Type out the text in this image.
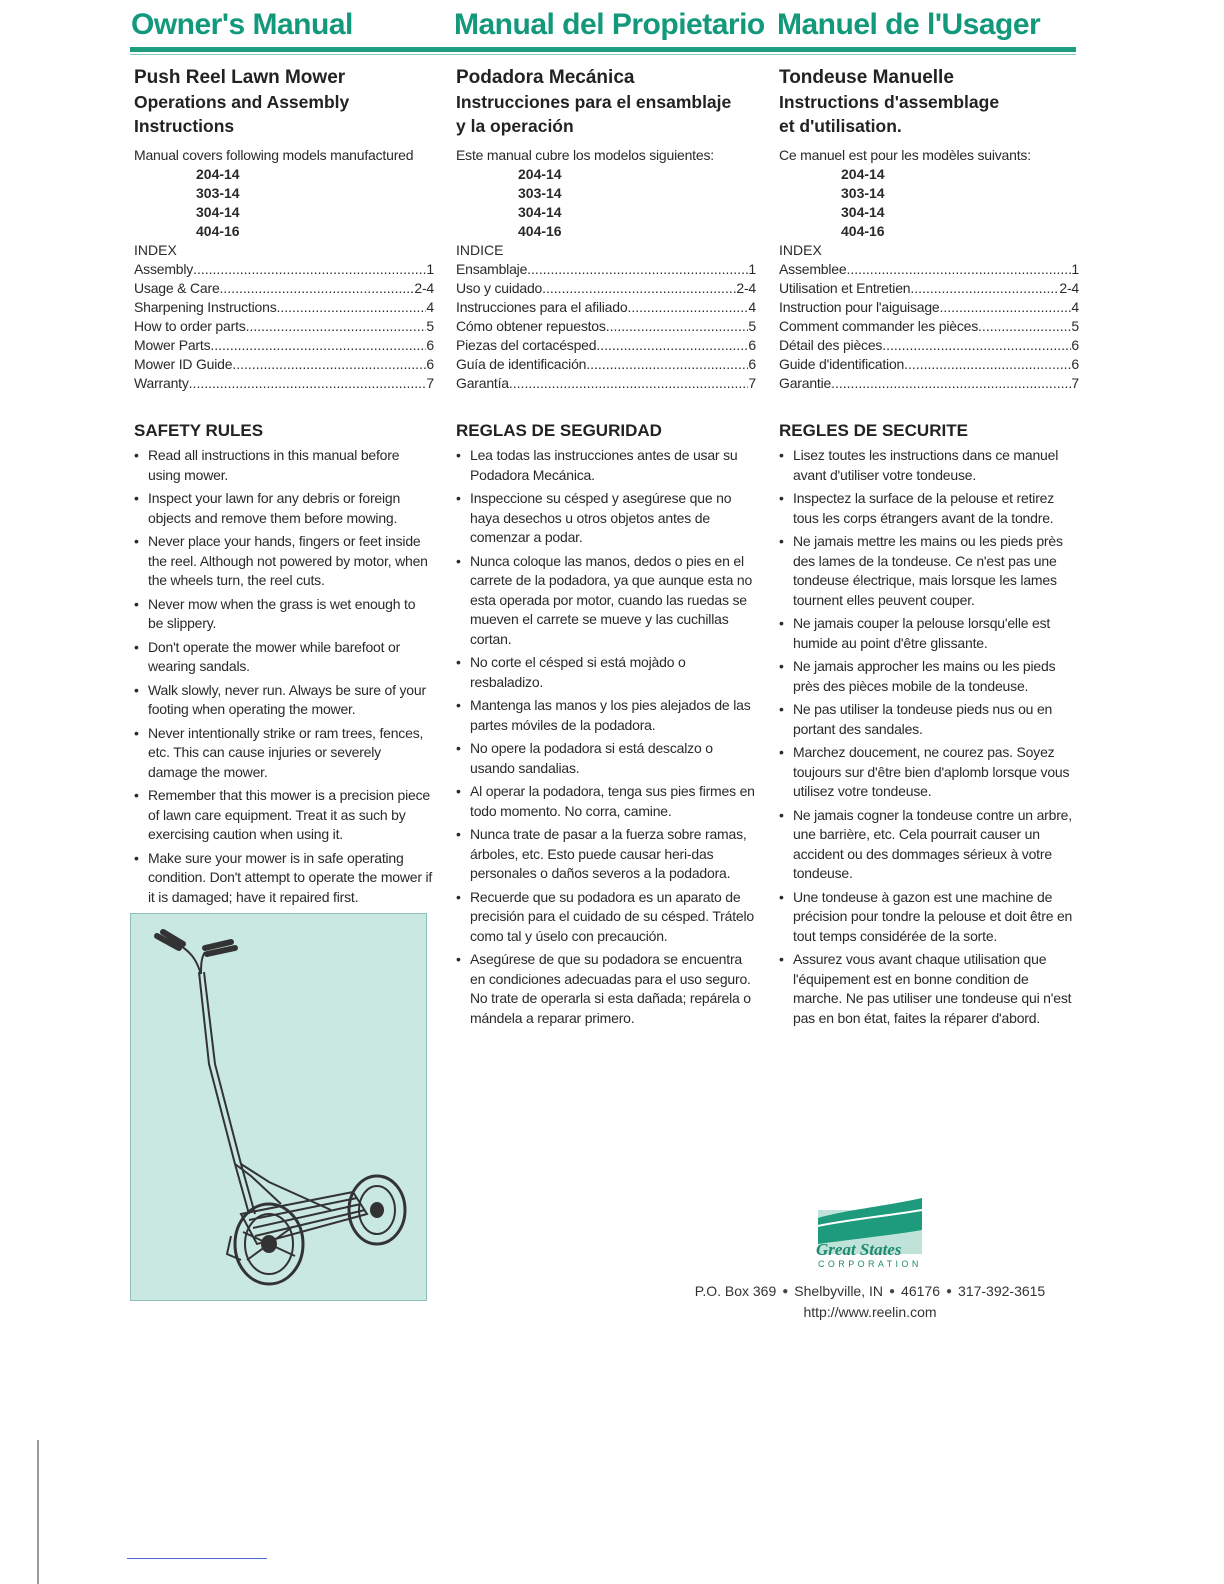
Owner's Manual	Manual del Propietario Manuel de l'Usager
Push Reel Lawn Mower
Operations and Assembly
Instructions
Manual covers following models manufactured
204-14
303-14
304-14
404-16
INDEX
Assembly .....	1
Usage & Care .....	2-4
Sharpening Instructions .....	4
How to order parts .....	5
Mower Parts .....	6
Mower ID Guide .....	6
Warranty .....	7
SAFETY RULES
• Read all instructions in this manual before using mower.
• Inspect your lawn for any debris or foreign objects and remove them before mowing.
• Never place your hands, fingers or feet inside the reel. Although not powered by motor, when the wheels turn, the reel cuts.
• Never mow when the grass is wet enough to be slippery.
• Don't operate the mower while barefoot or wearing sandals.
• Walk slowly, never run. Always be sure of your footing when operating the mower.
• Never intentionally strike or ram trees, fences, etc. This can cause injuries or severely damage the mower.
• Remember that this mower is a precision piece of lawn care equipment. Treat it as such by exercising caution when using it.
• Make sure your mower is in safe operating condition. Don't attempt to operate the mower if it is damaged; have it repaired first.
Podadora Mecánica
Instrucciones para el ensamblaje
y la operación
Este manual cubre los modelos siguientes:
204-14
303-14
304-14
404-16
INDICE
Ensamblaje .....	1
Uso y cuidado .....	2-4
Instrucciones para el afiliado .....	4
Cómo obtener repuestos .....	5
Piezas del cortacésped .....	6
Guía de identificación .....	6
Garantía .....	7
REGLAS DE SEGURIDAD
• Lea todas las instrucciones antes de usar su Podadora Mecánica.
• Inspeccione su césped y asegúrese que no haya desechos u otros objetos antes de comenzar a podar.
• Nunca coloque las manos, dedos o pies en el carrete de la podadora, ya que aunque esta no esta operada por motor, cuando las ruedas se mueven el carrete se mueve y las cuchillas cortan.
• No corte el césped si está mojàdo o resbaladizo.
• Mantenga las manos y los pies alejados de las partes móviles de la podadora.
• No opere la podadora si está descalzo o usando sandalias.
• Al operar la podadora, tenga sus pies firmes en todo momento. No corra, camine.
• Nunca trate de pasar a la fuerza sobre ramas, árboles, etc. Esto puede causar heri-das personales o daños severos a la podadora.
• Recuerde que su podadora es un aparato de precisión para el cuidado de su césped. Trátelo como tal y úselo con precaución.
• Asegúrese de que su podadora se encuentra en condiciones adecuadas para el uso seguro. No trate de operarla si esta dañada; repárela o mándela a reparar primero.
Tondeuse Manuelle
Instructions d'assemblage
et d'utilisation.
Ce manuel est pour les modèles suivants:
204-14
303-14
304-14
404-16
INDEX
Assemblee .....	1
Utilisation et Entretien .....	2-4
Instruction pour l'aiguisage .....	4
Comment commander les pièces .....	5
Détail des pièces .....	6
Guide d'identification .....	6
Garantie .....	7
REGLES DE SECURITE
• Lisez toutes les instructions dans ce manuel avant d'utiliser votre tondeuse.
• Inspectez la surface de la pelouse et retirez tous les corps étrangers avant de la tondre.
• Ne jamais mettre les mains ou les pieds près des lames de la tondeuse. Ce n'est pas une tondeuse électrique, mais lorsque les lames tournent elles peuvent couper.
• Ne jamais couper la pelouse lorsqu'elle est humide au point d'être glissante.
• Ne jamais approcher les mains ou les pieds près des pièces mobile de la tondeuse.
• Ne pas utiliser la tondeuse pieds nus ou en portant des sandales.
• Marchez doucement, ne courez pas. Soyez toujours sur d'être bien d'aplomb lorsque vous utilisez votre tondeuse.
• Ne jamais cogner la tondeuse contre un arbre, une barrière, etc. Cela pourrait causer un accident ou des dommages sérieux à votre tondeuse.
• Une tondeuse à gazon est une machine de précision pour tondre la pelouse et doit être en tout temps considérée de la sorte.
• Assurez vous avant chaque utilisation que l'équipement est en bonne condition de marche. Ne pas utiliser une tondeuse qui n'est pas en bon état, faites la réparer d'abord.
Great States
CORPORATION
P.O. Box 369 ● Shelbyville, IN ● 46176 ● 317-392-3615
http://www.reelin.com
